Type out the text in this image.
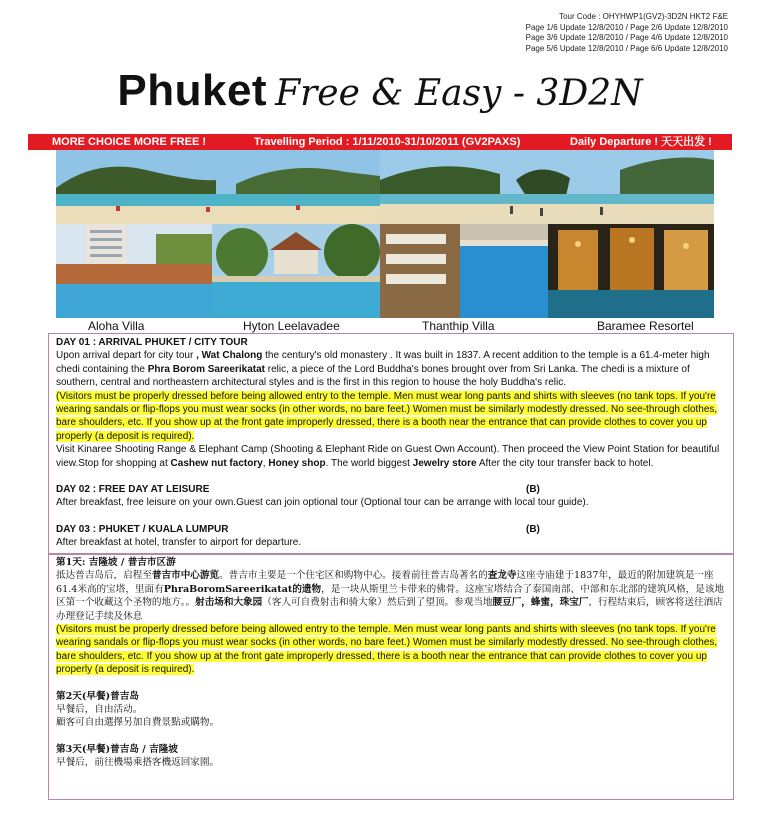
Tour Code : OHYHWP1(GV2)-3D2N HKT2 F&E
Page 1/6 Update 12/8/2010 / Page 2/6 Update 12/8/2010
Page 3/6 Update 12/8/2010 / Page 4/6 Update 12/8/2010
Page 5/6 Update 12/8/2010 / Page 6/6 Update 12/8/2010
Phuket Free & Easy - 3D2N
MORE CHOICE MORE FREE !	Travelling Period : 1/11/2010-31/10/2011 (GV2PAXS)	Daily Departure ! 天天出发 !
Aloha Villa	Hyton Leelavadee	Thanthip Villa	Baramee Resortel

DAY 01 : ARRIVAL PHUKET / CITY TOUR

Upon arrival depart for city tour , Wat Chalong the century's old monastery . It was built in 1837. A recent addition to the temple is a 61.4-meter high chedi containing the Phra Borom Sareerikatat relic, a piece of the Lord Buddha's bones brought over from Sri Lanka. The chedi is a mixture of southern, central and northeastern architectural styles and is the first in this region to house the holy Buddha's relic.

(Visitors must be properly dressed before being allowed entry to the temple. Men must wear long pants and shirts with sleeves (no tank tops. If you're wearing sandals or flip-flops you must wear socks (in other words, no bare feet.) Women must be similarly modestly dressed. No see-through clothes, bare shoulders, etc. If you show up at the front gate improperly dressed, there is a booth near the entrance that can provide clothes to cover you up properly (a deposit is required).

Visit Kinaree Shooting Range & Elephant Camp (Shooting & Elephant Ride on Guest Own Account). Then proceed the View Point Station for beautiful view.Stop for shopping at Cashew nut factory, Honey shop. The world biggest Jewelry store After the city tour transfer back to hotel.

DAY 02 : FREE DAY AT LEISURE	(B)

After breakfast, free leisure on your own.Guest can join optional tour (Optional tour can be arrange with local tour guide).

DAY 03 : PHUKET / KUALA LUMPUR	(B)

After breakfast at hotel, transfer to airport for departure.

第1天: 吉隆坡 / 普吉市区游

抵达普吉岛后，启程至普吉市中心游览。普吉市主要是一个住宅区和购物中心。接着前往普吉岛著名的查龙寺这座寺庙建于1837年，最近的附加建筑是一座61.4米高的宝塔，里面有PhraBoromSareerikatat的遗物，是一块从斯里兰卡带来的佛骨。这座宝塔结合了泰国南部、中部和东北部的建筑风格，是该地区第一个收藏这个圣物的地方。。射击场和大象园（客人可自费射击和骑大象）然后到了望顶。参观当地腰豆厂，蜂蜜，珠宝厂，行程结束后，顾客将送往酒店办理登记手续及休息

(Visitors must be properly dressed before being allowed entry to the temple. Men must wear long pants and shirts with sleeves (no tank tops. If you're wearing sandals or flip-flops you must wear socks (in other words, no bare feet.) Women must be similarly modestly dressed. No see-through clothes, bare shoulders, etc. If you show up at the front gate improperly dressed, there is a booth near the entrance that can provide clothes to cover you up properly (a deposit is required).

第2天(早餐)普吉岛

早餐后，自由活动。

顧客可自由選擇另加自費景點或購物。

第3天(早餐)普吉岛 / 吉隆坡

早餐后，前往機場乘搭客機返回家園。
